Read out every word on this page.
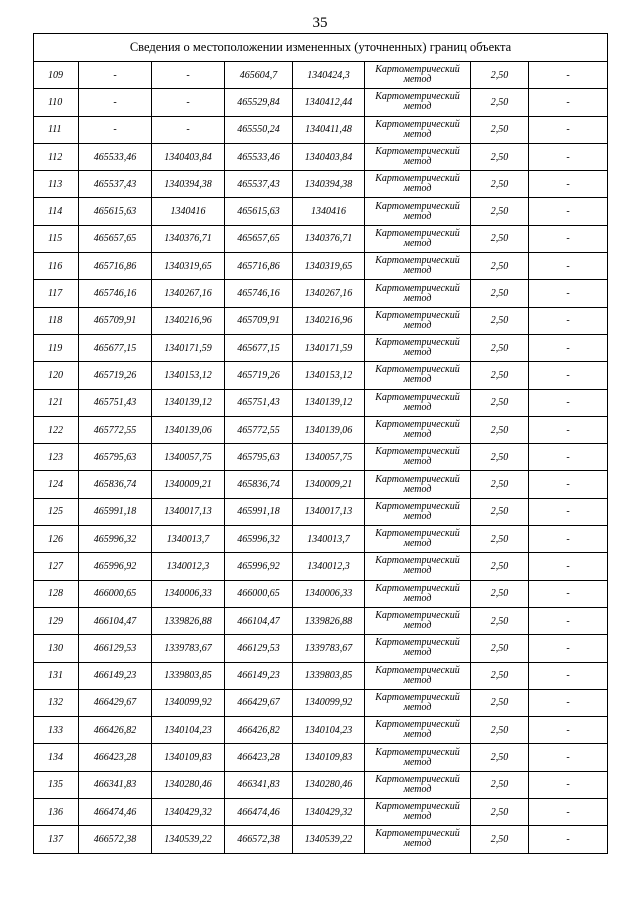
35
Сведения о местоположении измененных (уточненных) границ объекта							
109	-	-	465604,7	1340424,3	Картометрический метод	2,50	-
110	-	-	465529,84	1340412,44	Картометрический метод	2,50	-
111	-	-	465550,24	1340411,48	Картометрический метод	2,50	-
112	465533,46	1340403,84	465533,46	1340403,84	Картометрический метод	2,50	-
113	465537,43	1340394,38	465537,43	1340394,38	Картометрический метод	2,50	-
114	465615,63	1340416	465615,63	1340416	Картометрический метод	2,50	-
115	465657,65	1340376,71	465657,65	1340376,71	Картометрический метод	2,50	-
116	465716,86	1340319,65	465716,86	1340319,65	Картометрический метод	2,50	-
117	465746,16	1340267,16	465746,16	1340267,16	Картометрический метод	2,50	-
118	465709,91	1340216,96	465709,91	1340216,96	Картометрический метод	2,50	-
119	465677,15	1340171,59	465677,15	1340171,59	Картометрический метод	2,50	-
120	465719,26	1340153,12	465719,26	1340153,12	Картометрический метод	2,50	-
121	465751,43	1340139,12	465751,43	1340139,12	Картометрический метод	2,50	-
122	465772,55	1340139,06	465772,55	1340139,06	Картометрический метод	2,50	-
123	465795,63	1340057,75	465795,63	1340057,75	Картометрический метод	2,50	-
124	465836,74	1340009,21	465836,74	1340009,21	Картометрический метод	2,50	-
125	465991,18	1340017,13	465991,18	1340017,13	Картометрический метод	2,50	-
126	465996,32	1340013,7	465996,32	1340013,7	Картометрический метод	2,50	-
127	465996,92	1340012,3	465996,92	1340012,3	Картометрический метод	2,50	-
128	466000,65	1340006,33	466000,65	1340006,33	Картометрический метод	2,50	-
129	466104,47	1339826,88	466104,47	1339826,88	Картометрический метод	2,50	-
130	466129,53	1339783,67	466129,53	1339783,67	Картометрический метод	2,50	-
131	466149,23	1339803,85	466149,23	1339803,85	Картометрический метод	2,50	-
132	466429,67	1340099,92	466429,67	1340099,92	Картометрический метод	2,50	-
133	466426,82	1340104,23	466426,82	1340104,23	Картометрический метод	2,50	-
134	466423,28	1340109,83	466423,28	1340109,83	Картометрический метод	2,50	-
135	466341,83	1340280,46	466341,83	1340280,46	Картометрический метод	2,50	-
136	466474,46	1340429,32	466474,46	1340429,32	Картометрический метод	2,50	-
137	466572,38	1340539,22	466572,38	1340539,22	Картометрический метод	2,50	-
